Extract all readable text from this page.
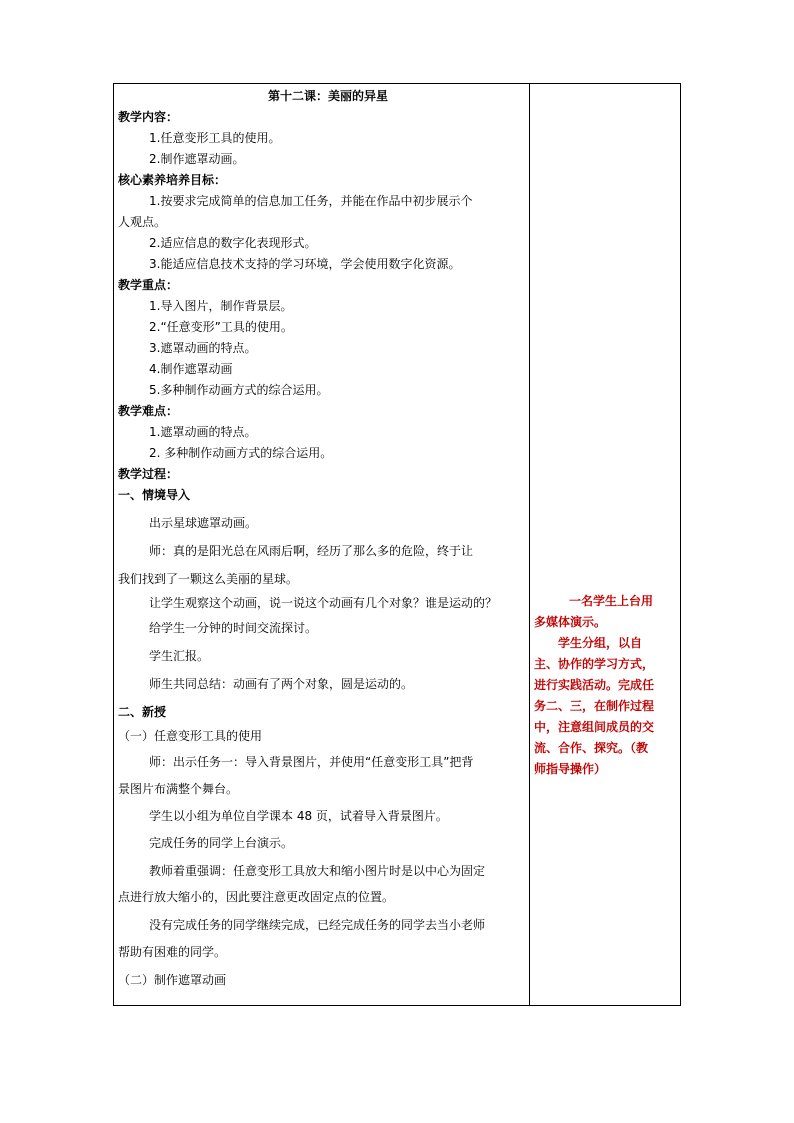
第十二课：美丽的异星
教学内容：
1.任意变形工具的使用。
2.制作遮罩动画。
核心素养培养目标：
1.按要求完成简单的信息加工任务，并能在作品中初步展示个
人观点。
2.适应信息的数字化表现形式。
3.能适应信息技术支持的学习环境，学会使用数字化资源。
教学重点：
1.导入图片，制作背景层。
2.“任意变形”工具的使用。
3.遮罩动画的特点。
4.制作遮罩动画
5.多种制作动画方式的综合运用。
教学难点：
1.遮罩动画的特点。
2. 多种制作动画方式的综合运用。
教学过程：
一、情境导入
出示星球遮罩动画。
师：真的是阳光总在风雨后啊，经历了那么多的危险，终于让
我们找到了一颗这么美丽的星球。
让学生观察这个动画，说一说这个动画有几个对象？谁是运动的？
给学生一分钟的时间交流探讨。
学生汇报。
师生共同总结：动画有了两个对象，圆是运动的。
二、新授
（一）任意变形工具的使用
师：出示任务一：导入背景图片，并使用“任意变形工具”把背
景图片布满整个舞台。
学生以小组为单位自学课本 48 页，试着导入背景图片。
完成任务的同学上台演示。
教师着重强调：任意变形工具放大和缩小图片时是以中心为固定
点进行放大缩小的，因此要注意更改固定点的位置。
没有完成任务的同学继续完成，已经完成任务的同学去当小老师
帮助有困难的同学。
（二）制作遮罩动画
一名学生上台用
多媒体演示。
学生分组，以自
主、协作的学习方式，
进行实践活动。完成任
务二、三，在制作过程
中，注意组间成员的交
流、合作、探究。（教
师指导操作）
